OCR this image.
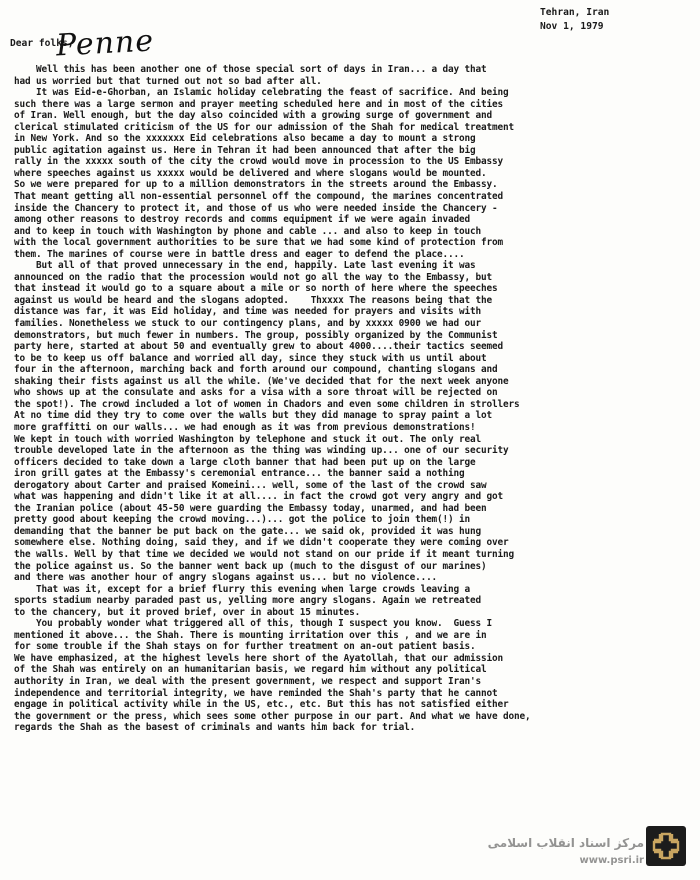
Tehran, Iran
Nov 1, 1979
Dear folks,
Penne
Well this has been another one of those special sort of days in Iran... a day that
had us worried but that turned out not so bad after all.
It was Eid-e-Ghorban, an Islamic holiday celebrating the feast of sacrifice. And being
such there was a large sermon and prayer meeting scheduled here and in most of the cities
of Iran. Well enough, but the day also coincided with a growing surge of government and
clerical stimulated criticism of the US for our admission of the Shah for medical treatment
in New York. And so the xxxxxxx Eid celebrations also became a day to mount a strong
public agitation against us. Here in Tehran it had been announced that after the big
rally in the xxxxx south of the city the crowd would move in procession to the US Embassy
where speeches against us xxxxx would be delivered and where slogans would be mounted.
So we were prepared for up to a million demonstrators in the streets around the Embassy.
That meant getting all non-essential personnel off the compound, the marines concentrated
inside the Chancery to protect it, and those of us who were needed inside the Chancery -
among other reasons to destroy records and comms equipment if we were again invaded
and to keep in touch with Washington by phone and cable ... and also to keep in touch
with the local government authorities to be sure that we had some kind of protection from
them. The marines of course were in battle dress and eager to defend the place....
But all of that proved unnecessary in the end, happily. Late last evening it was
announced on the radio that the procession would not go all the way to the Embassy, but
that instead it would go to a square about a mile or so north of here where the speeches
against us would be heard and the slogans adopted.    Thxxxx The reasons being that the
distance was far, it was Eid holiday, and time was needed for prayers and visits with
families. Nonetheless we stuck to our contingency plans, and by xxxxx 0900 we had our
demonstrators, but much fewer in numbers. The group, possibly organized by the Communist
party here, started at about 50 and eventually grew to about 4000....their tactics seemed
to be to keep us off balance and worried all day, since they stuck with us until about
four in the afternoon, marching back and forth around our compound, chanting slogans and
shaking their fists against us all the while. (We've decided that for the next week anyone
who shows up at the consulate and asks for a visa with a sore throat will be rejected on
the spot!). The crowd included a lot of women in Chadors and even some children in strollers
At no time did they try to come over the walls but they did manage to spray paint a lot
more graffitti on our walls... we had enough as it was from previous demonstrations!
We kept in touch with worried Washington by telephone and stuck it out. The only real
trouble developed late in the afternoon as the thing was winding up... one of our security
officers decided to take down a large cloth banner that had been put up on the large
iron grill gates at the Embassy's ceremonial entrance... the banner said a nothing
derogatory about Carter and praised Komeini... well, some of the last of the crowd saw
what was happening and didn't like it at all.... in fact the crowd got very angry and got
the Iranian police (about 45-50 were guarding the Embassy today, unarmed, and had been
pretty good about keeping the crowd moving...)... got the police to join them(!) in
demanding that the banner be put back on the gate... we said ok, provided it was hung
somewhere else. Nothing doing, said they, and if we didn't cooperate they were coming over
the walls. Well by that time we decided we would not stand on our pride if it meant turning
the police against us. So the banner went back up (much to the disgust of our marines)
and there was another hour of angry slogans against us... but no violence....
That was it, except for a brief flurry this evening when large crowds leaving a
sports stadium nearby paraded past us, yelling more angry slogans. Again we retreated
to the chancery, but it proved brief, over in about 15 minutes.
You probably wonder what triggered all of this, though I suspect you know.  Guess I
mentioned it above... the Shah. There is mounting irritation over this , and we are in
for some trouble if the Shah stays on for further treatment on an-out patient basis.
We have emphasized, at the highest levels here short of the Ayatollah, that our admission
of the Shah was entirely on an humanitarian basis, we regard him without any political
authority in Iran, we deal with the present government, we respect and support Iran's
independence and territorial integrity, we have reminded the Shah's party that he cannot
engage in political activity while in the US, etc., etc. But this has not satisfied either
the government or the press, which sees some other purpose in our part. And what we have done,
regards the Shah as the basest of criminals and wants him back for trial.
مرکز اسناد انقلاب اسلامی
www.psri.ir
